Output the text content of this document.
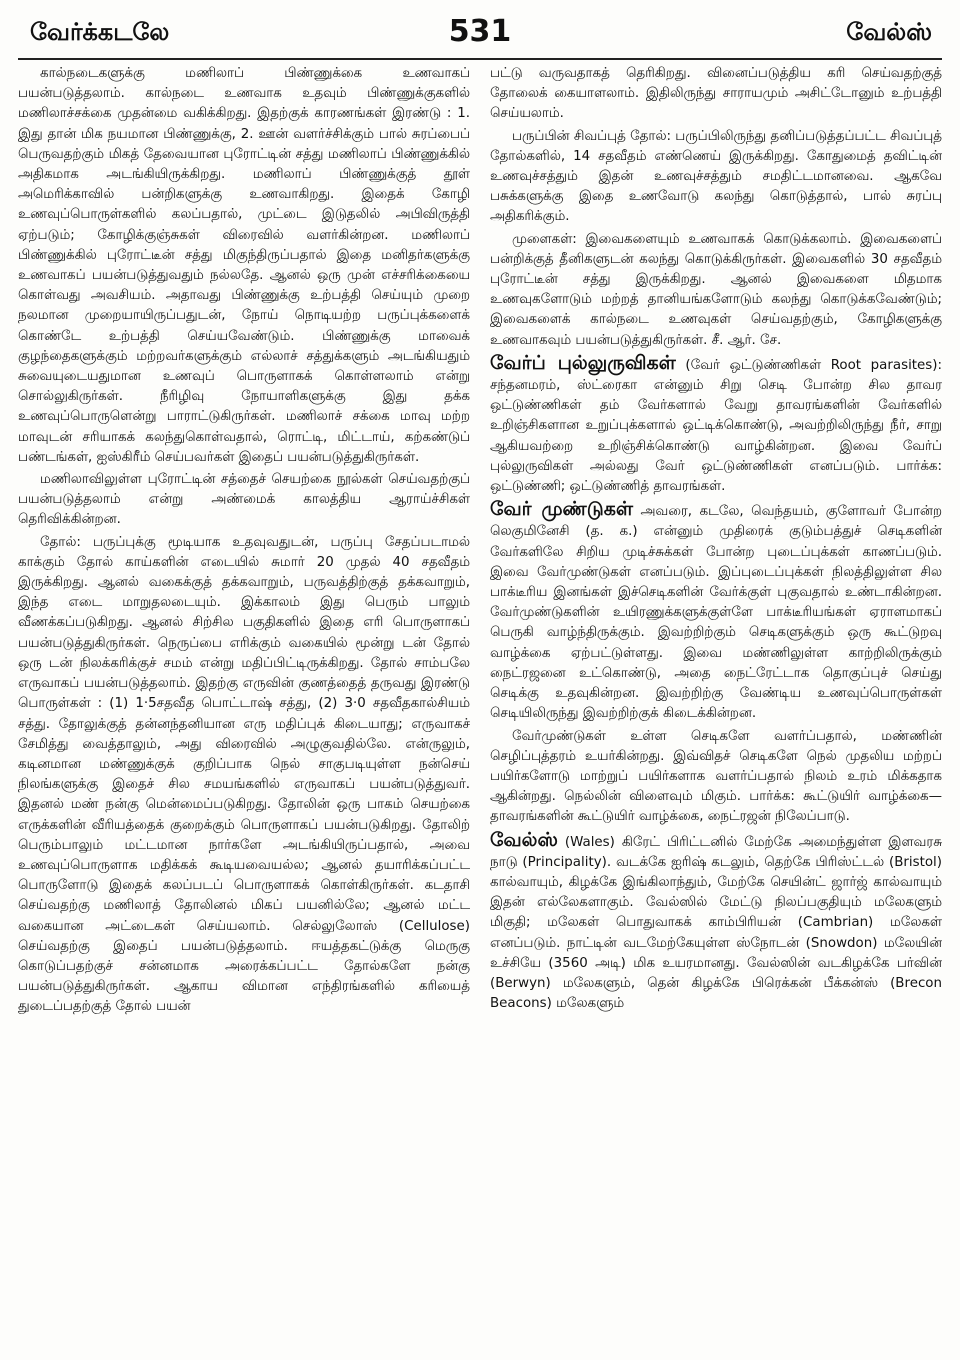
வேர்க்கடலே	531	வேல்ஸ்

கால்நடைகளுக்கு மணிலாப் பிண்ணுக்கை உணவாகப் பயன்படுத்தலாம். கால்நடை உணவாக உதவும் பிண்ணுக்குகளில் மணிலாச்சக்கை முதன்மை வகிக்கிறது. இதற்குக் காரணங்கள் இரண்டு : 1. இது தான் மிக நயமான பிண்ணுக்கு, 2. ஊன் வளர்ச்சிக்கும் பால் சுரப்பைப் பெருவதற்கும் மிகத் தேவையான புரோட்டின் சத்து மணிலாப் பிண்ணுக்கில் அதிகமாக அடங்கியிருக்கிறது. மணிலாப் பிண்ணுக்குத் தூள் அமெரிக்காவில் பன்றிகளுக்கு உணவாகிறது. இதைக் கோழி உணவுப்பொருள்களில் கலப்பதால், முட்டை இடுதலில் அபிவிருத்தி ஏற்படும்; கோழிக்குஞ்சுகள் விரைவில் வளர்கின்றன. மணிலாப் பிண்ணுக்கில் புரோட்டீன் சத்து மிகுந்திருப்பதால் இதை மனிதர்களுக்கு உணவாகப் பயன்படுத்துவதும் நல்லதே. ஆனல் ஒரு முன் எச்சரிக்கையை கொள்வது அவசியம். அதாவது பிண்ணுக்கு உற்பத்தி செய்யும் முறை நலமான முறையாயிருப்பதுடன், நோய் நொடியற்ற பருப்புக்களைக் கொண்டே உற்பத்தி செய்யவேண்டும். பிண்ணுக்கு மாவைக் குழந்தைகளுக்கும் மற்றவர்களுக்கும் எல்லாச் சத்துக்களும் அடங்கியதும் சுவையுடையதுமான உணவுப் பொருளாகக் கொள்ளலாம் என்று சொல்லுகிருர்கள். நீரிழிவு நோயாளிகளுக்கு இது தக்க உணவுப்பொருளென்று பாராட்டுகிருர்கள். மணிலாச் சக்கை மாவு மற்ற மாவுடன் சரியாகக் கலந்துகொள்வதால், ரொட்டி, மிட்டாய், கற்கண்டுப் பண்டங்கள், ஐஸ்கிரீம் செய்பவர்கள் இதைப் பயன்படுத்துகிருர்கள்.

மணிலாவிலுள்ள புரோட்டின் சத்தைச் செயற்கை நூல்கள் செய்வதற்குப் பயன்படுத்தலாம் என்று அண்மைக் காலத்திய ஆராய்ச்சிகள் தெரிவிக்கின்றன.

தோல்: பருப்புக்கு மூடியாக உதவுவதுடன், பருப்பு சேதப்படாமல் காக்கும் தோல் காய்களின் எடையில் சுமார் 20 முதல் 40 சதவீதம் இருக்கிறது. ஆனல் வகைக்குத் தக்கவாறும், பருவத்திற்குத் தக்கவாறும், இந்த எடை மாறுதலடையும். இக்காலம் இது பெரும் பாலும் வீணக்கப்படுகிறது. ஆனல் சிற்சில பகுதிகளில் இதை எரி பொருளாகப் பயன்படுத்துகிருர்கள். நெருப்பை எரிக்கும் வகையில் மூன்று டன் தோல் ஒரு டன் நிலக்கரிக்குச் சமம் என்று மதிப்பிட்டிருக்கிறது. தோல் சாம்பலே எருவாகப் பயன்படுத்தலாம். இதற்கு எருவின் குணத்தைத் தருவது இரண்டு பொருள்கள் : (1) 1·5சதவீத பொட்டாஷ் சத்து, (2) 3·0 சதவீதகால்சியம் சத்து. தோலுக்குத் தன்னந்தனியான எரு மதிப்புக் கிடையாது; எருவாகச் சேமித்து வைத்தாலும், அது விரைவில் அழுகுவதில்லே. என்ருலும், கடினமான மண்ணுக்குக் குறிப்பாக நெல் சாகுபடியுள்ள நன்செய் நிலங்களுக்கு இதைச் சில சமயங்களில் எருவாகப் பயன்படுத்துவர். இதனல் மண் நன்கு மென்மைப்படுகிறது. தோலின் ஒரு பாகம் செயற்கை எருக்களின் வீரியத்தைக் குறைக்கும் பொருளாகப் பயன்படுகிறது. தோலிற் பெரும்பாலும் மட்டமான நார்களே அடங்கியிருப்பதால், அவை உணவுப்பொருளாக மதிக்கக் கூடியவையல்ல; ஆனல் தயாரிக்கப்பட்ட பொருளோடு இதைக் கலப்படப் பொருளாகக் கொள்கிருர்கள். கடதாசி செய்வதற்கு மணிலாத் தோலினல் மிகப் பயனில்லே; ஆனல் மட்ட வகையான அட்டைகள் செய்யலாம். செல்லுலோஸ் (Cellulose) செய்வதற்கு இதைப் பயன்படுத்தலாம். ஈயத்தகட்டுக்கு மெருகு கொடுப்பதற்குச் சன்னமாக அரைக்கப்பட்ட தோல்களே நன்கு பயன்படுத்துகிருர்கள். ஆகாய விமான எந்திரங்களில் கரியைத் துடைப்பதற்குத் தோல் பயன்

பட்டு வருவதாகத் தெரிகிறது. வினைப்படுத்திய கரி செய்வதற்குத் தோலைக் கையாளலாம். இதிலிருந்து சாராயமும் அசிட்டோனும் உற்பத்தி செய்யலாம்.

பருப்பின் சிவப்புத் தோல்: பருப்பிலிருந்து தனிப்படுத்தப்பட்ட சிவப்புத் தோல்களில், 14 சதவீதம் எண்ணெய் இருக்கிறது. கோதுமைத் தவிட்டின் உணவுச்சத்தும் இதன் உணவுச்சத்தும் சமதிட்டமானவை. ஆகவே பசுக்களுக்கு இதை உணவோடு கலந்து கொடுத்தால், பால் சுரப்பு அதிகரிக்கும்.

முளைகள்: இவைகளையும் உணவாகக் கொடுக்கலாம். இவைகளைப் பன்றிக்குத் தீனிகளுடன் கலந்து கொடுக்கிருர்கள். இவைகளில் 30 சதவீதம் புரோட்டீன் சத்து இருக்கிறது. ஆனல் இவைகளை மிதமாக உணவுகளோடும் மற்றத் தானியங்களோடும் கலந்து கொடுக்கவேண்டும்; இவைகளைக் கால்நடை உணவுகள் செய்வதற்கும், கோழிகளுக்கு உணவாகவும் பயன்படுத்துகிருர்கள். சீ. ஆர். சே.

வேர்ப் புல்லுருவிகள் (வேர் ஒட்டுண்ணிகள் Root parasites): சந்தனமரம், ஸ்ட்ரைகா என்னும் சிறு செடி போன்ற சில தாவர ஒட்டுண்ணிகள் தம் வேர்களால் வேறு தாவரங்களின் வேர்களில் உறிஞ்சிகளான உறுப்புக்களால் ஒட்டிக்கொண்டு, அவற்றிலிருந்து நீர், சாறு ஆகியவற்றை உறிஞ்சிக்கொண்டு வாழ்கின்றன. இவை வேர்ப் புல்லுருவிகள் அல்லது வேர் ஒட்டுண்ணிகள் எனப்படும். பார்க்க: ஒட்டுண்ணி; ஒட்டுண்ணித் தாவரங்கள்.

வேர் முண்டுகள் அவரை, கடலே, வெந்தயம், குளோவர் போன்ற லெகுமினேசி (த. க.) என்னும் முதிரைக் குடும்பத்துச் செடிகளின் வேர்களிலே சிறிய முடிச்சுக்கள் போன்ற புடைப்புக்கள் காணப்படும். இவை வேர்முண்டுகள் எனப்படும். இப்புடைப்புக்கள் நிலத்திலுள்ள சில பாக்டீரிய இனங்கள் இச்செடிகளின் வேர்க்குள் புகுவதால் உண்டாகின்றன. வேர்முண்டுகளின் உயிரணுக்களுக்குள்ளே பாக்டீரியங்கள் ஏராளமாகப் பெருகி வாழ்ந்திருக்கும். இவற்றிற்கும் செடிகளுக்கும் ஒரு கூட்டுறவு வாழ்க்கை ஏற்பட்டுள்ளது. இவை மண்ணிலுள்ள காற்றிலிருக்கும் நைட்ரஜனை உட்கொண்டு, அதை நைட்ரேட்டாக தொகுப்புச் செய்து செடிக்கு உதவுகின்றன. இவற்றிற்கு வேண்டிய உணவுப்பொருள்கள் செடியிலிருந்து இவற்றிற்குக் கிடைக்கின்றன.

வேர்முண்டுகள் உள்ள செடிகளே வளர்ப்பதால், மண்ணின் செழிப்புத்தரம் உயர்கின்றது. இவ்விதச் செடிகளே நெல் முதலிய மற்றப் பயிர்களோடு மாற்றுப் பயிர்களாக வளர்ப்பதால் நிலம் உரம் மிக்கதாக ஆகின்றது. நெல்லின் விளைவும் மிகும். பார்க்க: கூட்டுயிர் வாழ்க்கை—தாவரங்களின் கூட்டுயிர் வாழ்க்கை, நைட்ரஜன் நிலேப்பாடு.

வேல்ஸ் (Wales) கிரேட் பிரிட்டனில் மேற்கே அமைந்துள்ள இளவரசு நாடு (Principality). வடக்கே ஐரிஷ் கடலும், தெற்கே பிரிஸ்ட்டல் (Bristol) கால்வாயும், கிழக்கே இங்கிலாந்தும், மேற்கே செயின்ட் ஜார்ஜ் கால்வாயும் இதன் எல்லேகளாகும். வேல்ஸில் மேட்டு நிலப்பகுதியும் மலேகளும் மிகுதி; மலேகள் பொதுவாகக் காம்பிரியன் (Cambrian) மலேகள் எனப்படும். நாட்டின் வடமேற்கேயுள்ள ஸ்நோடன் (Snowdon) மலேயின் உச்சியே (3560 அடி) மிக உயரமானது. வேல்ஸின் வடகிழக்கே பர்வின் (Berwyn) மலேகளும், தென் கிழக்கே பிரெக்கன் பீக்கன்ஸ் (Brecon Beacons) மலேகளும்
